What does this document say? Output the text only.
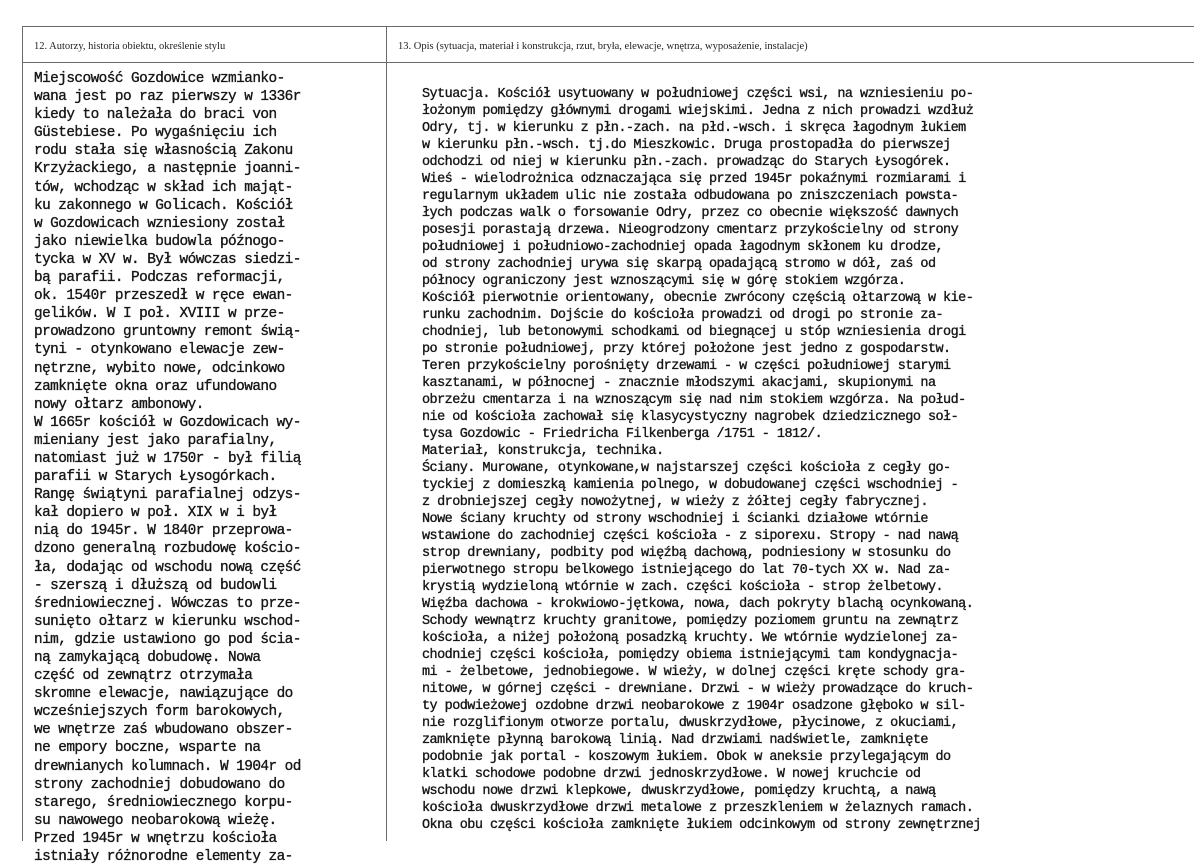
12. Autorzy, historia obiektu, określenie stylu	13. Opis (sytuacja, materiał i konstrukcja, rzut, bryła, elewacje, wnętrza, wyposażenie, instalacje)
Miejscowość Gozdowice wzmianko-
wana jest po raz pierwszy w 1336r
kiedy to należała do braci von
Güstebiese. Po wygaśnięciu ich
rodu stała się własnością Zakonu
Krzyżackiego, a następnie joanni-
tów, wchodząc w skład ich mająt-
ku zakonnego w Golicach. Kościół
w Gozdowicach wzniesiony został
jako niewielka budowla późnogo-
tycka w XV w. Był wówczas siedzi-
bą parafii. Podczas reformacji,
ok. 1540r przeszedł w ręce ewan-
gelików. W I poł. XVIII w prze-
prowadzono gruntowny remont świą-
tyni - otynkowano elewacje zew-
nętrzne, wybito nowe, odcinkowo
zamknięte okna oraz ufundowano
nowy ołtarz ambonowy.
W 1665r kościół w Gozdowicach wy-
mieniany jest jako parafialny,
natomiast już w 1750r - był filią
parafii w Starych Łysogórkach.
Rangę świątyni parafialnej odzys-
kał dopiero w poł. XIX w i był
nią do 1945r. W 1840r przeprowa-
dzono generalną rozbudowę kościo-
ła, dodając od wschodu nową część
- szerszą i dłuższą od budowli
średniowiecznej. Wówczas to prze-
sunięto ołtarz w kierunku wschod-
nim, gdzie ustawiono go pod ścia-
ną zamykającą dobudowę. Nowa
część od zewnątrz otrzymała
skromne elewacje, nawiązujące do
wcześniejszych form barokowych,
we wnętrze zaś wbudowano obszer-
ne empory boczne, wsparte na
drewnianych kolumnach. W 1904r od
strony zachodniej dobudowano do
starego, średniowiecznego korpu-
su nawowego neobarokową wieżę.
Przed 1945r w wnętrzu kościoła
istniały różnorodne elementy za-
Sytuacja. Kościół usytuowany w południowej części wsi, na wzniesieniu po-
łożonym pomiędzy głównymi drogami wiejskimi. Jedna z nich prowadzi wzdłuż
Odry, tj. w kierunku z płn.-zach. na płd.-wsch. i skręca łagodnym łukiem
w kierunku płn.-wsch. tj.do Mieszkowic. Druga prostopadła do pierwszej
odchodzi od niej w kierunku płn.-zach. prowadząc do Starych Łysogórek.
Wieś - wielodrożnica odznaczająca się przed 1945r pokaźnymi rozmiarami i
regularnym układem ulic nie została odbudowana po zniszczeniach powsta-
łych podczas walk o forsowanie Odry, przez co obecnie większość dawnych
posesji porastają drzewa. Nieogrodzony cmentarz przykościelny od strony
południowej i południowo-zachodniej opada łagodnym skłonem ku drodze,
od strony zachodniej urywa się skarpą opadającą stromo w dół, zaś od
północy ograniczony jest wznoszącymi się w górę stokiem wzgórza.
Kościół pierwotnie orientowany, obecnie zwrócony częścią ołtarzową w kie-
runku zachodnim. Dojście do kościoła prowadzi od drogi po stronie za-
chodniej, lub betonowymi schodkami od biegnącej u stóp wzniesienia drogi
po stronie południowej, przy której położone jest jedno z gospodarstw.
Teren przykościelny porośnięty drzewami - w części południowej starymi
kasztanami, w północnej - znacznie młodszymi akacjami, skupionymi na
obrzeżu cmentarza i na wznoszącym się nad nim stokiem wzgórza. Na połud-
nie od kościoła zachował się klasycystyczny nagrobek dziedzicznego soł-
tysa Gozdowic - Friedricha Filkenberga /1751 - 1812/.
Materiał, konstrukcja, technika.
Ściany. Murowane, otynkowane,w najstarszej części kościoła z cegły go-
tyckiej z domieszką kamienia polnego, w dobudowanej części wschodniej -
z drobniejszej cegły nowożytnej, w wieży z żółtej cegły fabrycznej.
Nowe ściany kruchty od strony wschodniej i ścianki działowe wtórnie
wstawione do zachodniej części kościoła - z siporexu. Stropy - nad nawą
strop drewniany, podbity pod więźbą dachową, podniesiony w stosunku do
pierwotnego stropu belkowego istniejącego do lat 70-tych XX w. Nad za-
krystią wydzieloną wtórnie w zach. części kościoła - strop żelbetowy.
Więźba dachowa - krokwiowo-jętkowa, nowa, dach pokryty blachą ocynkowaną.
Schody wewnątrz kruchty granitowe, pomiędzy poziomem gruntu na zewnątrz
kościoła, a niżej położoną posadzką kruchty. We wtórnie wydzielonej za-
chodniej części kościoła, pomiędzy obiema istniejącymi tam kondygnacja-
mi - żelbetowe, jednobiegowe. W wieży, w dolnej części kręte schody gra-
nitowe, w górnej części - drewniane. Drzwi - w wieży prowadzące do kruch-
ty podwieżowej ozdobne drzwi neobarokowe z 1904r osadzone głęboko w sil-
nie rozglifionym otworze portalu, dwuskrzydłowe, płycinowe, z okuciami,
zamknięte płynną barokową linią. Nad drzwiami nadświetle, zamknięte
podobnie jak portal - koszowym łukiem. Obok w aneksie przylegającym do
klatki schodowe podobne drzwi jednoskrzydłowe. W nowej kruchcie od
wschodu nowe drzwi klepkowe, dwuskrzydłowe, pomiędzy kruchtą, a nawą
kościoła dwuskrzydłowe drzwi metalowe z przeszkleniem w żelaznych ramach.
Okna obu części kościoła zamknięte łukiem odcinkowym od strony zewnętrznej
